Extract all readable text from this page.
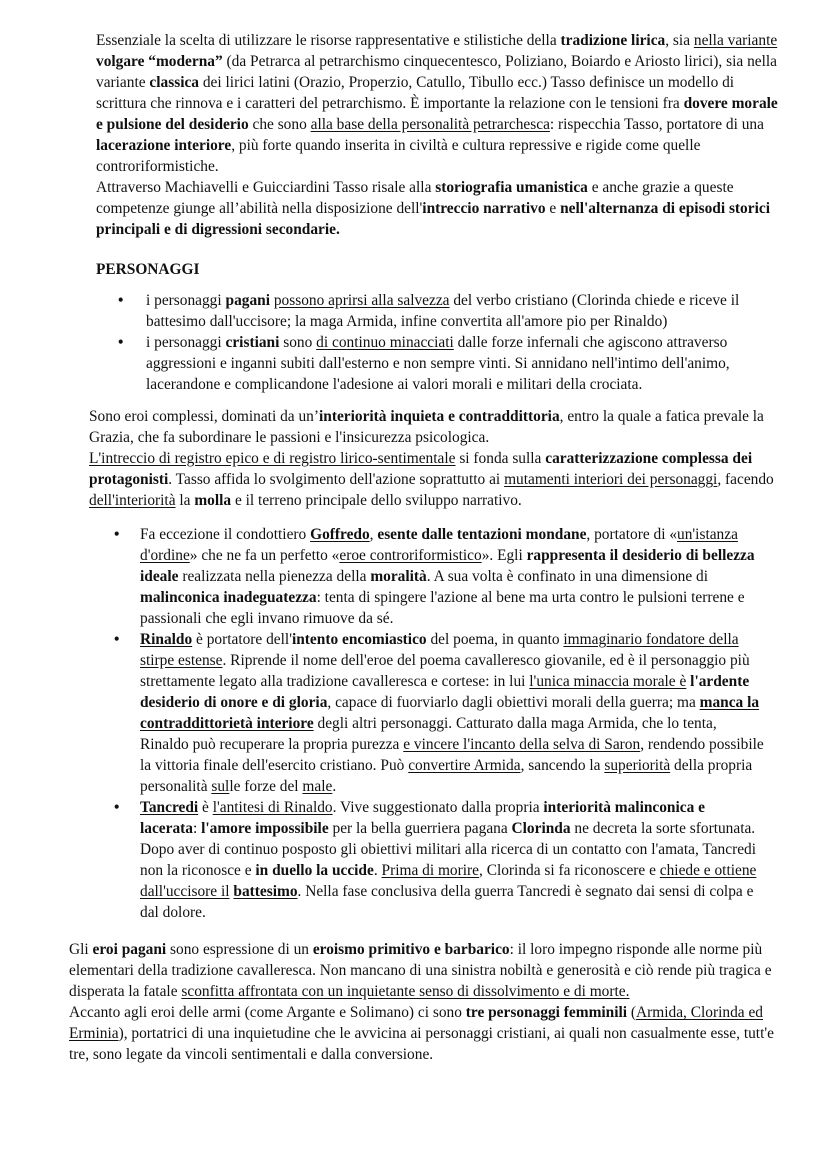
Essenziale la scelta di utilizzare le risorse rappresentative e stilistiche della tradizione lirica, sia nella variante volgare “moderna” (da Petrarca al petrarchismo cinquecentesco, Poliziano, Boiardo e Ariosto lirici), sia nella variante classica dei lirici latini (Orazio, Properzio, Catullo, Tibullo ecc.) Tasso definisce un modello di scrittura che rinnova e i caratteri del petrarchismo. È importante la relazione con le tensioni fra dovere morale e pulsione del desiderio che sono alla base della personalità petrarchesca: rispecchia Tasso, portatore di una lacerazione interiore, più forte quando inserita in civiltà e cultura repressive e rigide come quelle controriformistiche.
Attraverso Machiavelli e Guicciardini Tasso risale alla storiografia umanistica e anche grazie a queste competenze giunge all’abilità nella disposizione dell'intreccio narrativo e nell'alternanza di episodi storici principali e di digressioni secondarie.

PERSONAGGI
• i personaggi pagani possono aprirsi alla salvezza del verbo cristiano (Clorinda chiede e riceve il battesimo dall'uccisore; la maga Armida, infine convertita all'amore pio per Rinaldo)
• i personaggi cristiani sono di continuo minacciati dalle forze infernali che agiscono attraverso aggressioni e inganni subiti dall'esterno e non sempre vinti. Si annidano nell'intimo dell'animo, lacerandone e complicandone l'adesione ai valori morali e militari della crociata.

Sono eroi complessi, dominati da un’interiorità inquieta e contraddittoria, entro la quale a fatica prevale la Grazia, che fa subordinare le passioni e l'insicurezza psicologica.
L'intreccio di registro epico e di registro lirico-sentimentale si fonda sulla caratterizzazione complessa dei protagonisti. Tasso affida lo svolgimento dell'azione soprattutto ai mutamenti interiori dei personaggi, facendo dell'interiorità la molla e il terreno principale dello sviluppo narrativo.

• Fa eccezione il condottiero Goffredo, esente dalle tentazioni mondane, portatore di «un'istanza d'ordine» che ne fa un perfetto «eroe controriformistico». Egli rappresenta il desiderio di bellezza ideale realizzata nella pienezza della moralità. A sua volta è confinato in una dimensione di malinconica inadeguatezza: tenta di spingere l'azione al bene ma urta contro le pulsioni terrene e passionali che egli invano rimuove da sé.
• Rinaldo è portatore dell'intento encomiastico del poema, in quanto immaginario fondatore della stirpe estense. Riprende il nome dell'eroe del poema cavalleresco giovanile, ed è il personaggio più strettamente legato alla tradizione cavalleresca e cortese: in lui l'unica minaccia morale è l'ardente desiderio di onore e di gloria, capace di fuorviarlo dagli obiettivi morali della guerra; ma manca la contraddittorietà interiore degli altri personaggi. Catturato dalla maga Armida, che lo tenta, Rinaldo può recuperare la propria purezza e vincere l'incanto della selva di Saron, rendendo possibile la vittoria finale dell'esercito cristiano. Può convertire Armida, sancendo la superiorità della propria personalità sulle forze del male.
• Tancredi è l'antitesi di Rinaldo. Vive suggestionato dalla propria interiorità malinconica e lacerata: l'amore impossibile per la bella guerriera pagana Clorinda ne decreta la sorte sfortunata. Dopo aver di continuo posposto gli obiettivi militari alla ricerca di un contatto con l'amata, Tancredi non la riconosce e in duello la uccide. Prima di morire, Clorinda si fa riconoscere e chiede e ottiene dall'uccisore il battesimo. Nella fase conclusiva della guerra Tancredi è segnato dai sensi di colpa e dal dolore.

Gli eroi pagani sono espressione di un eroismo primitivo e barbarico: il loro impegno risponde alle norme più elementari della tradizione cavalleresca. Non mancano di una sinistra nobiltà e generosità e ciò rende più tragica e disperata la fatale sconfitta affrontata con un inquietante senso di dissolvimento e di morte.
Accanto agli eroi delle armi (come Argante e Solimano) ci sono tre personaggi femminili (Armida, Clorinda ed Erminia), portatrici di una inquietudine che le avvicina ai personaggi cristiani, ai quali non casualmente esse, tutt'e tre, sono legate da vincoli sentimentali e dalla conversione.
